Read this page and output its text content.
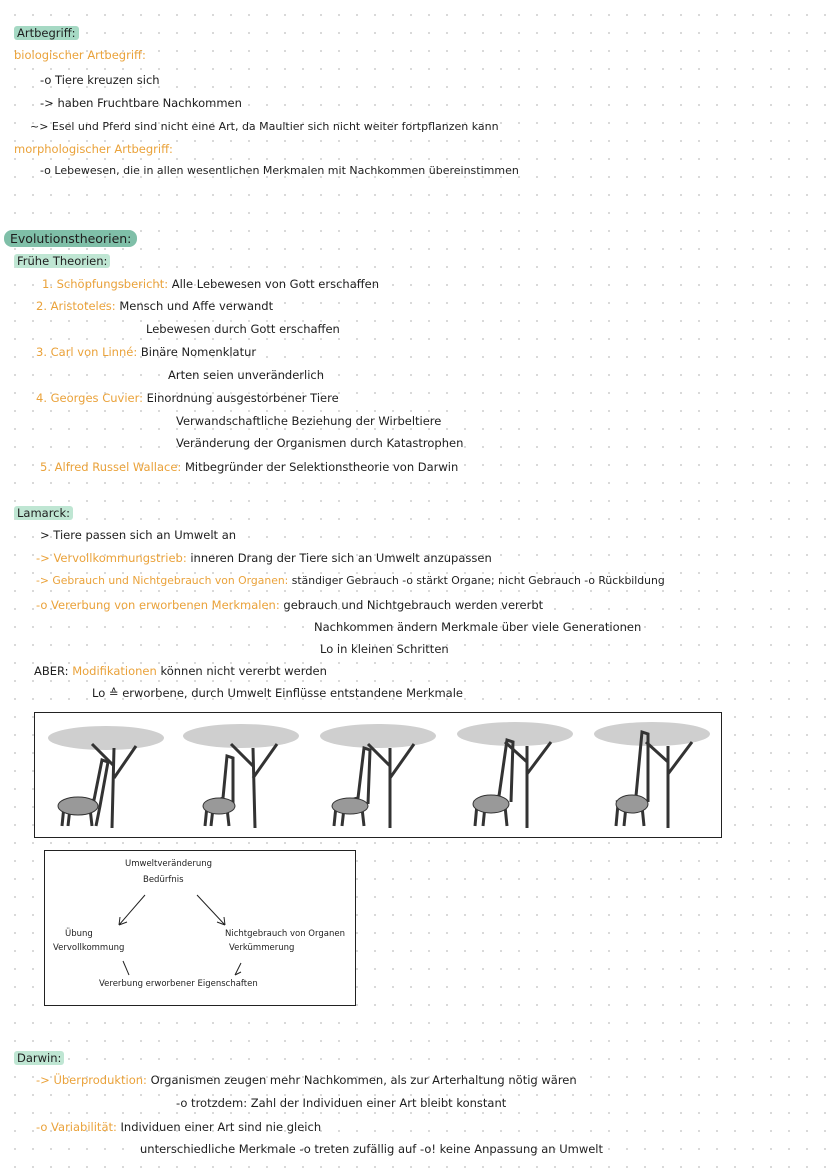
Artbegriff:
biologischer Artbegriff:
-o Tiere kreuzen sich
-> haben Fruchtbare Nachkommen
~> Esel und Pferd sind nicht eine Art, da Maultier sich nicht weiter fortpflanzen kann
morphologischer Artbegriff:
-o Lebewesen, die in allen wesentlichen Merkmalen mit Nachkommen übereinstimmen
Evolutionstheorien:
Frühe Theorien:
1. Schöpfungsbericht: Alle Lebewesen von Gott erschaffen
2. Aristoteles: Mensch und Affe verwandt
Lebewesen durch Gott erschaffen
3. Carl von Linné: Binäre Nomenklatur
Arten seien unveränderlich
4. Georges Cuvier: Einordnung ausgestorbener Tiere
Verwandschaftliche Beziehung der Wirbeltiere
Veränderung der Organismen durch Katastrophen
5. Alfred Russel Wallace: Mitbegründer der Selektionstheorie von Darwin
Lamarck:
> Tiere passen sich an Umwelt an
-> Vervollkommungstrieb: inneren Drang der Tiere sich an Umwelt anzupassen
-> Gebrauch und Nichtgebrauch von Organen: ständiger Gebrauch -o stärkt Organe; nicht Gebrauch -o Rückbildung
-o Vererbung von erworbenen Merkmalen: gebrauch und Nichtgebrauch werden vererbt
Nachkommen ändern Merkmale über viele Generationen
Lo in kleinen Schritten
ABER: Modifikationen können nicht vererbt werden
Lo ≙ erworbene, durch Umwelt Einflüsse entstandene Merkmale
Umweltveränderung
Bedürfnis
Übung
Vervollkommung
Nichtgebrauch von Organen
Verkümmerung
Vererbung erworbener Eigenschaften
Darwin:
-> Überproduktion: Organismen zeugen mehr Nachkommen, als zur Arterhaltung nötig wären
-o trotzdem: Zahl der Individuen einer Art bleibt konstant
-o Variabilität: Individuen einer Art sind nie gleich
unterschiedliche Merkmale -o treten zufällig auf -o! keine Anpassung an Umwelt
